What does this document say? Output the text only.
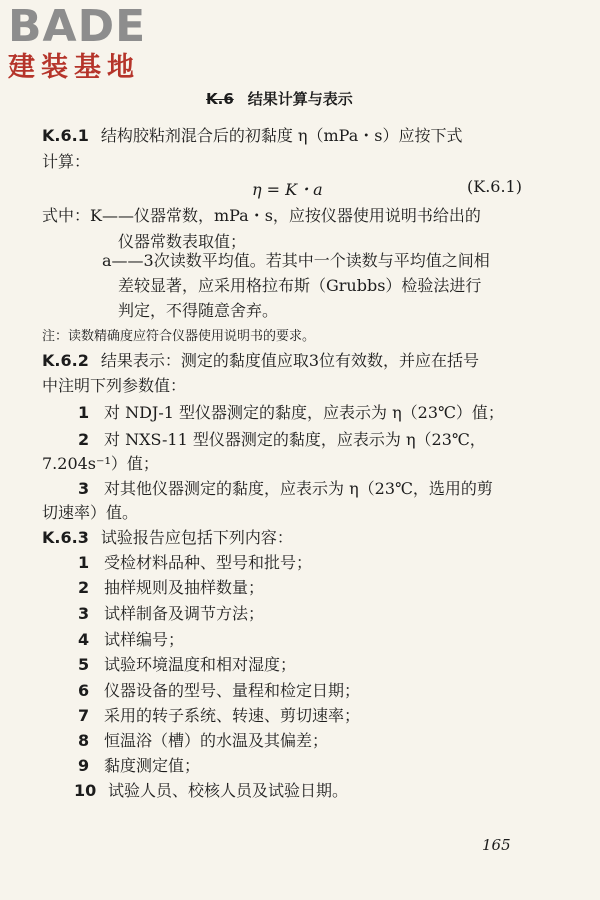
BADE
建装基地
K.6 结果计算与表示
K.6.1 结构胶粘剂混合后的初黏度 η（mPa・s）应按下式
计算：
η = K・a	(K.6.1)
式中：K——仪器常数，mPa・s，应按仪器使用说明书给出的
仪器常数表取值；
a——3次读数平均值。若其中一个读数与平均值之间相
差较显著，应采用格拉布斯（Grubbs）检验法进行
判定，不得随意舍弃。
注：读数精确度应符合仪器使用说明书的要求。
K.6.2 结果表示：测定的黏度值应取3位有效数，并应在括号
中注明下列参数值：
1 对 NDJ-1 型仪器测定的黏度，应表示为 η（23℃）值；
2 对 NXS-11 型仪器测定的黏度，应表示为 η（23℃，
7.204s⁻¹）值；
3 对其他仪器测定的黏度，应表示为 η（23℃，选用的剪
切速率）值。
K.6.3 试验报告应包括下列内容：
1 受检材料品种、型号和批号；
2 抽样规则及抽样数量；
3 试样制备及调节方法；
4 试样编号；
5 试验环境温度和相对湿度；
6 仪器设备的型号、量程和检定日期；
7 采用的转子系统、转速、剪切速率；
8 恒温浴（槽）的水温及其偏差；
9 黏度测定值；
10 试验人员、校核人员及试验日期。
165
